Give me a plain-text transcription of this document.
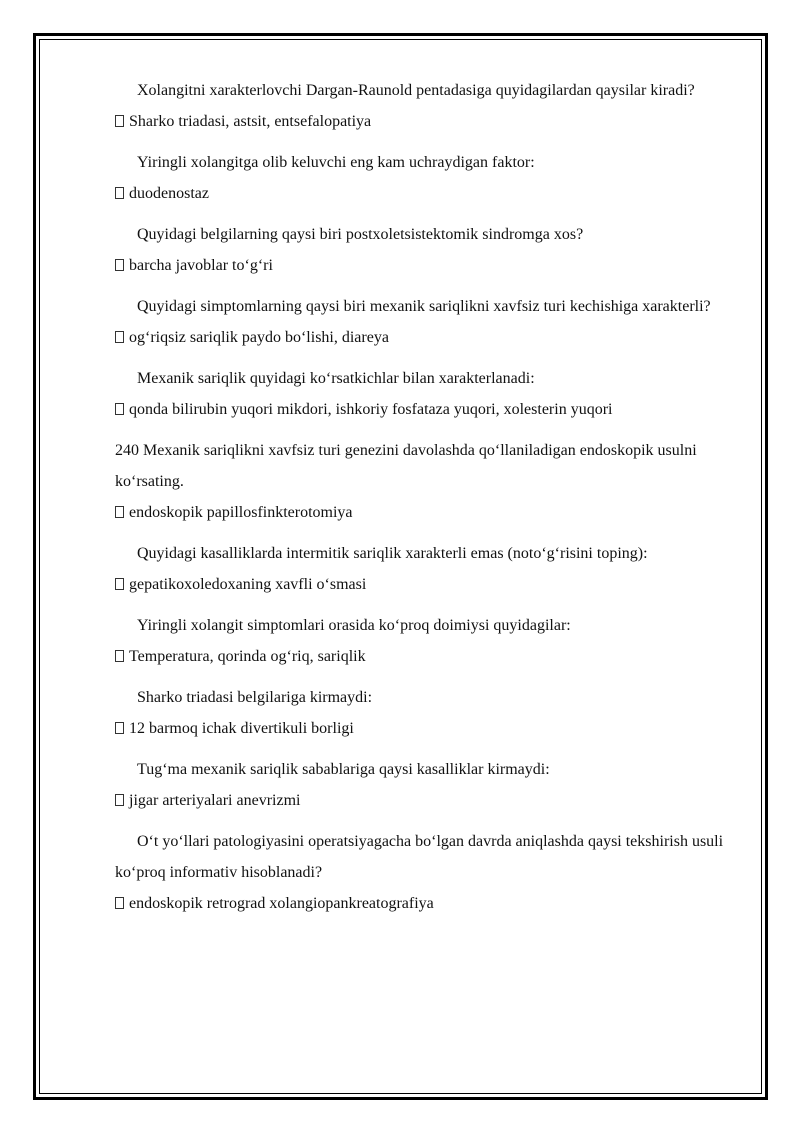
Xolangitni xarakterlovchi Dargan-Raunold pentadasiga quyidagilardan qaysilar kiradi?

Sharko triadasi, astsit, entsefalopatiya

Yiringli xolangitga olib keluvchi eng kam uchraydigan faktor:

duodenostaz

Quyidagi belgilarning qaysi biri postxoletsistektomik sindromga xos?

barcha javoblar to‘g‘ri

Quyidagi simptomlarning qaysi biri mexanik sariqlikni xavfsiz turi kechishiga xarakterli?

og‘riqsiz sariqlik paydo bo‘lishi, diareya

Mexanik sariqlik quyidagi ko‘rsatkichlar bilan xarakterlanadi:

qonda bilirubin yuqori mikdori, ishkoriy fosfataza yuqori, xolesterin yuqori

240 Mexanik sariqlikni xavfsiz turi genezini davolashda qo‘llaniladigan endoskopik usulni ko‘rsating.

endoskopik papillosfinkterotomiya

Quyidagi kasalliklarda intermitik sariqlik xarakterli emas (noto‘g‘risini toping):

gepatikoxoledoxaning xavfli o‘smasi

Yiringli xolangit simptomlari orasida ko‘proq doimiysi quyidagilar:

Temperatura, qorinda og‘riq, sariqlik

Sharko triadasi belgilariga kirmaydi:

12 barmoq ichak divertikuli borligi

Tug‘ma mexanik sariqlik sabablariga qaysi kasalliklar kirmaydi:

jigar arteriyalari anevrizmi

O‘t yo‘llari patologiyasini operatsiyagacha bo‘lgan davrda aniqlashda qaysi tekshirish usuli ko‘proq informativ hisoblanadi?

endoskopik retrograd xolangiopankreatografiya
